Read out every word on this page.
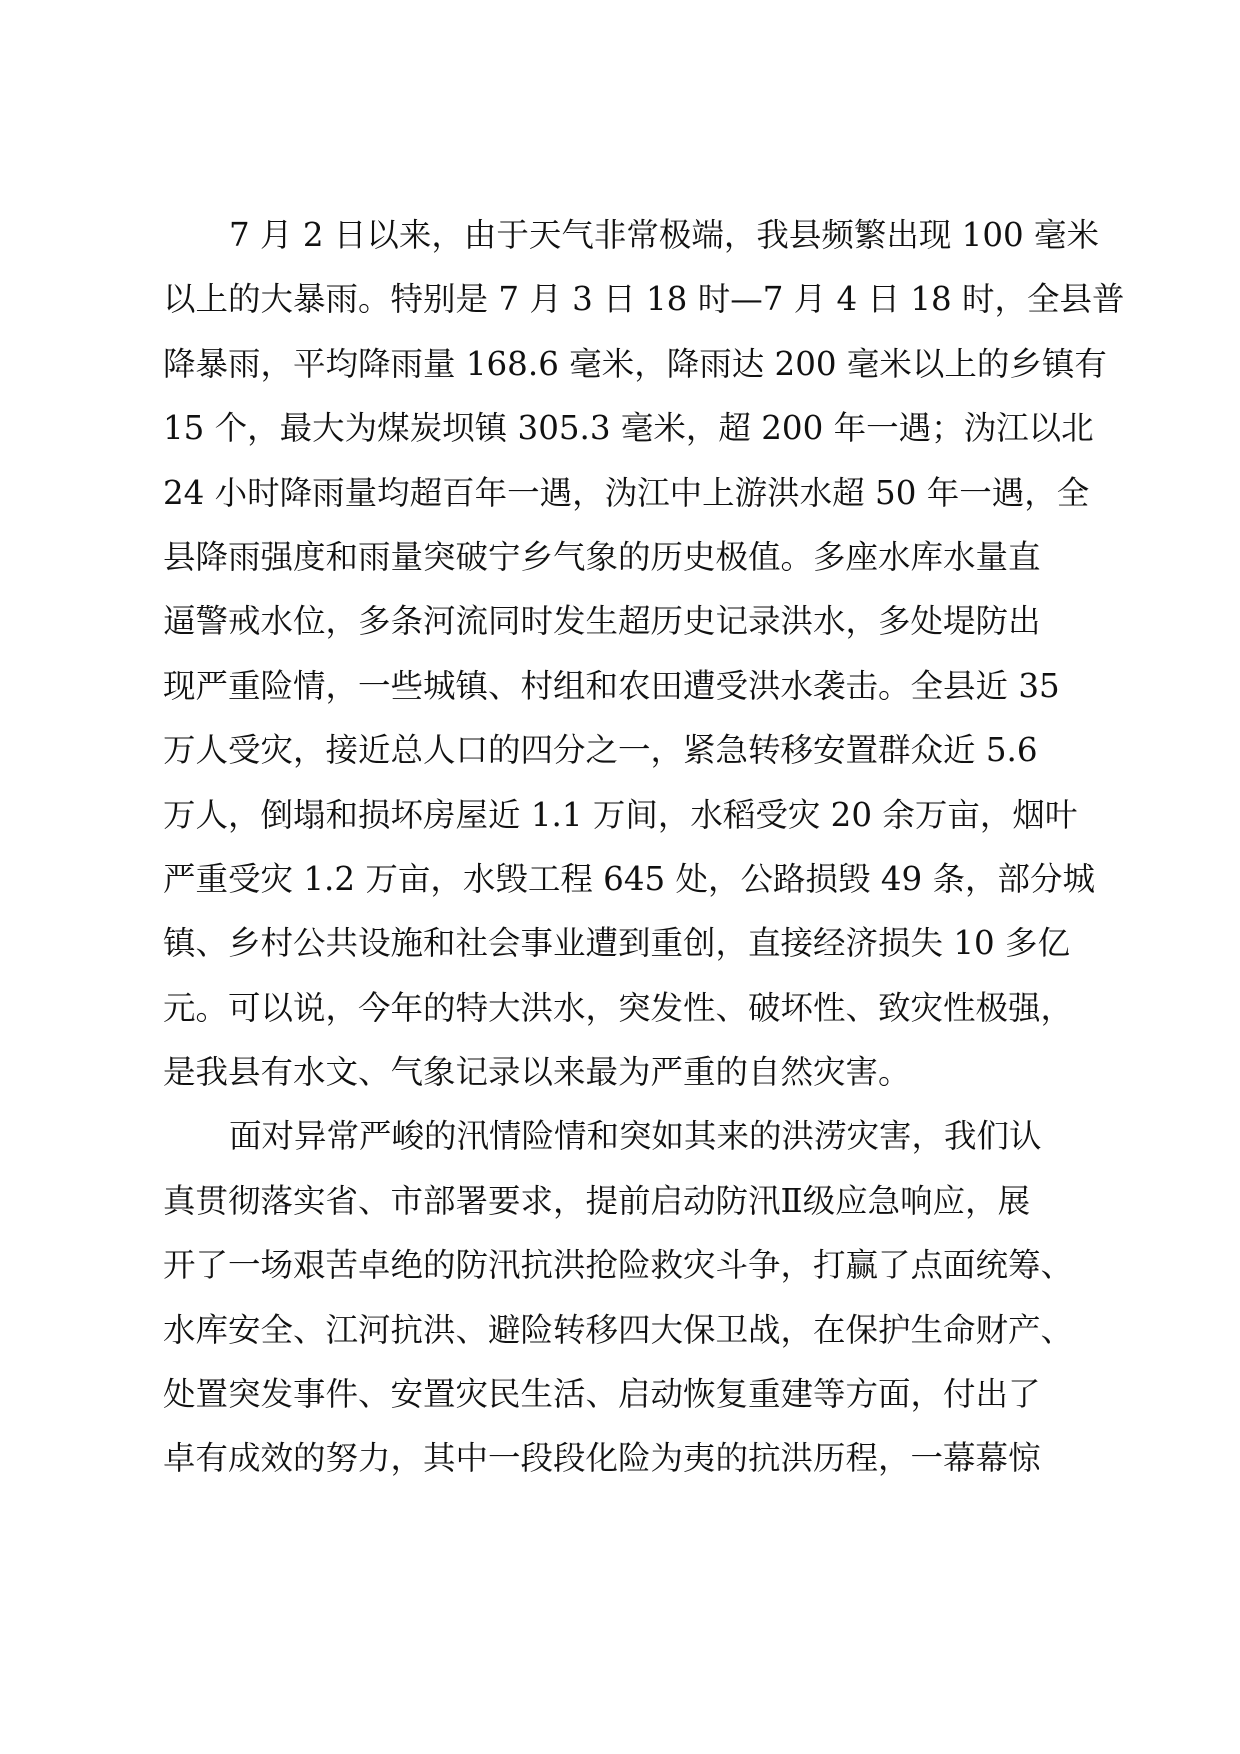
7 月 2 日以来，由于天气非常极端，我县频繁出现 100 毫米
以上的大暴雨。特别是 7 月 3 日 18 时—7 月 4 日 18 时，全县普
降暴雨，平均降雨量 168.6 毫米，降雨达 200 毫米以上的乡镇有
15 个，最大为煤炭坝镇 305.3 毫米，超 200 年一遇；沩江以北
24 小时降雨量均超百年一遇，沩江中上游洪水超 50 年一遇，全
县降雨强度和雨量突破宁乡气象的历史极值。多座水库水量直
逼警戒水位，多条河流同时发生超历史记录洪水，多处堤防出
现严重险情，一些城镇、村组和农田遭受洪水袭击。全县近 35
万人受灾，接近总人口的四分之一，紧急转移安置群众近 5.6
万人，倒塌和损坏房屋近 1.1 万间，水稻受灾 20 余万亩，烟叶
严重受灾 1.2 万亩，水毁工程 645 处，公路损毁 49 条，部分城
镇、乡村公共设施和社会事业遭到重创，直接经济损失 10 多亿
元。可以说，今年的特大洪水，突发性、破坏性、致灾性极强，
是我县有水文、气象记录以来最为严重的自然灾害。
面对异常严峻的汛情险情和突如其来的洪涝灾害，我们认
真贯彻落实省、市部署要求，提前启动防汛Ⅱ级应急响应，展
开了一场艰苦卓绝的防汛抗洪抢险救灾斗争，打赢了点面统筹、
水库安全、江河抗洪、避险转移四大保卫战，在保护生命财产、
处置突发事件、安置灾民生活、启动恢复重建等方面，付出了
卓有成效的努力，其中一段段化险为夷的抗洪历程，一幕幕惊
